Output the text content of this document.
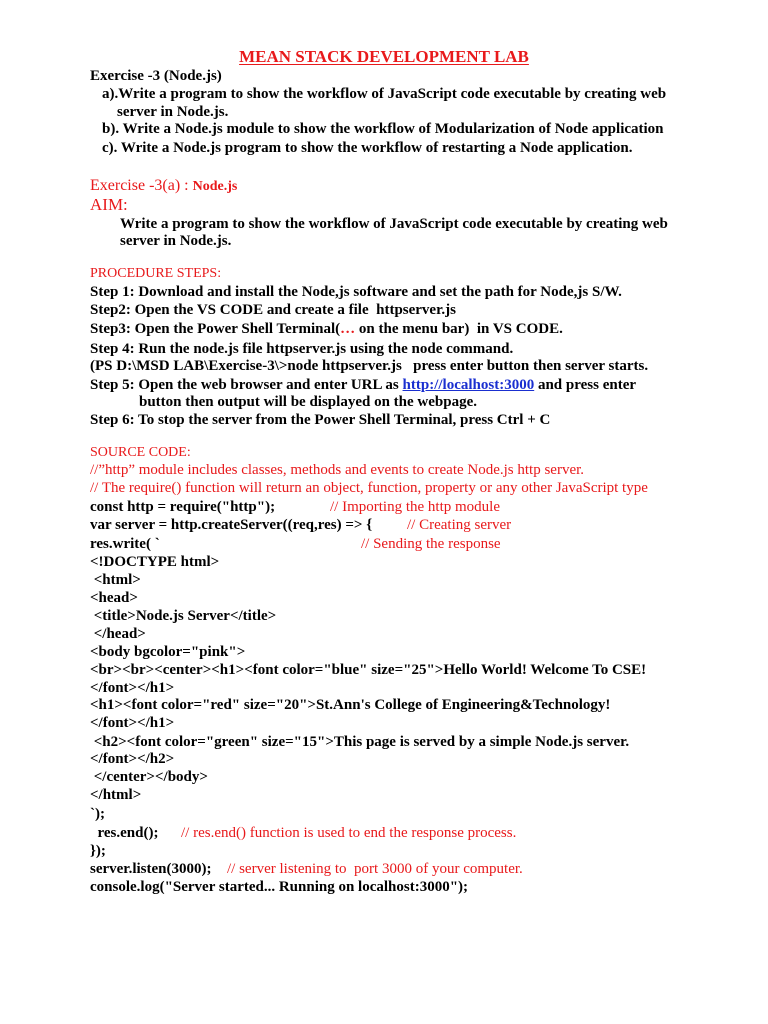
MEAN STACK DEVELOPMENT LAB
Exercise -3 (Node.js)
a).Write a program to show the workflow of JavaScript code executable by creating web
server in Node.js.
b). Write a Node.js module to show the workflow of Modularization of Node application
c). Write a Node.js program to show the workflow of restarting a Node application.
Exercise -3(a) : Node.js
AIM:
Write a program to show the workflow of JavaScript code executable by creating web
server in Node.js.
PROCEDURE STEPS:
Step 1: Download and install the Node,js software and set the path for Node,js S/W.
Step2: Open the VS CODE and create a file  httpserver.js
Step3: Open the Power Shell Terminal(… on the menu bar)  in VS CODE.
Step 4: Run the node.js file httpserver.js using the node command.
(PS D:\MSD LAB\Exercise-3\>node httpserver.js   press enter button then server starts.
Step 5: Open the web browser and enter URL as http://localhost:3000 and press enter
button then output will be displayed on the webpage.
Step 6: To stop the server from the Power Shell Terminal, press Ctrl + C
SOURCE CODE:
//”http” module includes classes, methods and events to create Node.js http server.
// The require() function will return an object, function, property or any other JavaScript type
const http = require("http");	// Importing the http module
var server = http.createServer((req,res) => { // Creating server
res.write( `	// Sending the response
<!DOCTYPE html>
<html>
<head>
<title>Node.js Server</title>
</head>
<body bgcolor="pink">
<br><br><center><h1><font color="blue" size="25">Hello World! Welcome To CSE!
</font></h1>
<h1><font color="red" size="20">St.Ann's College of Engineering&Technology!
</font></h1>
<h2><font color="green" size="15">This page is served by a simple Node.js server.
</font></h2>
</center></body>
</html>
`);
res.end(); // res.end() function is used to end the response process.
});
server.listen(3000); // server listening to  port 3000 of your computer.
console.log("Server started... Running on localhost:3000");
